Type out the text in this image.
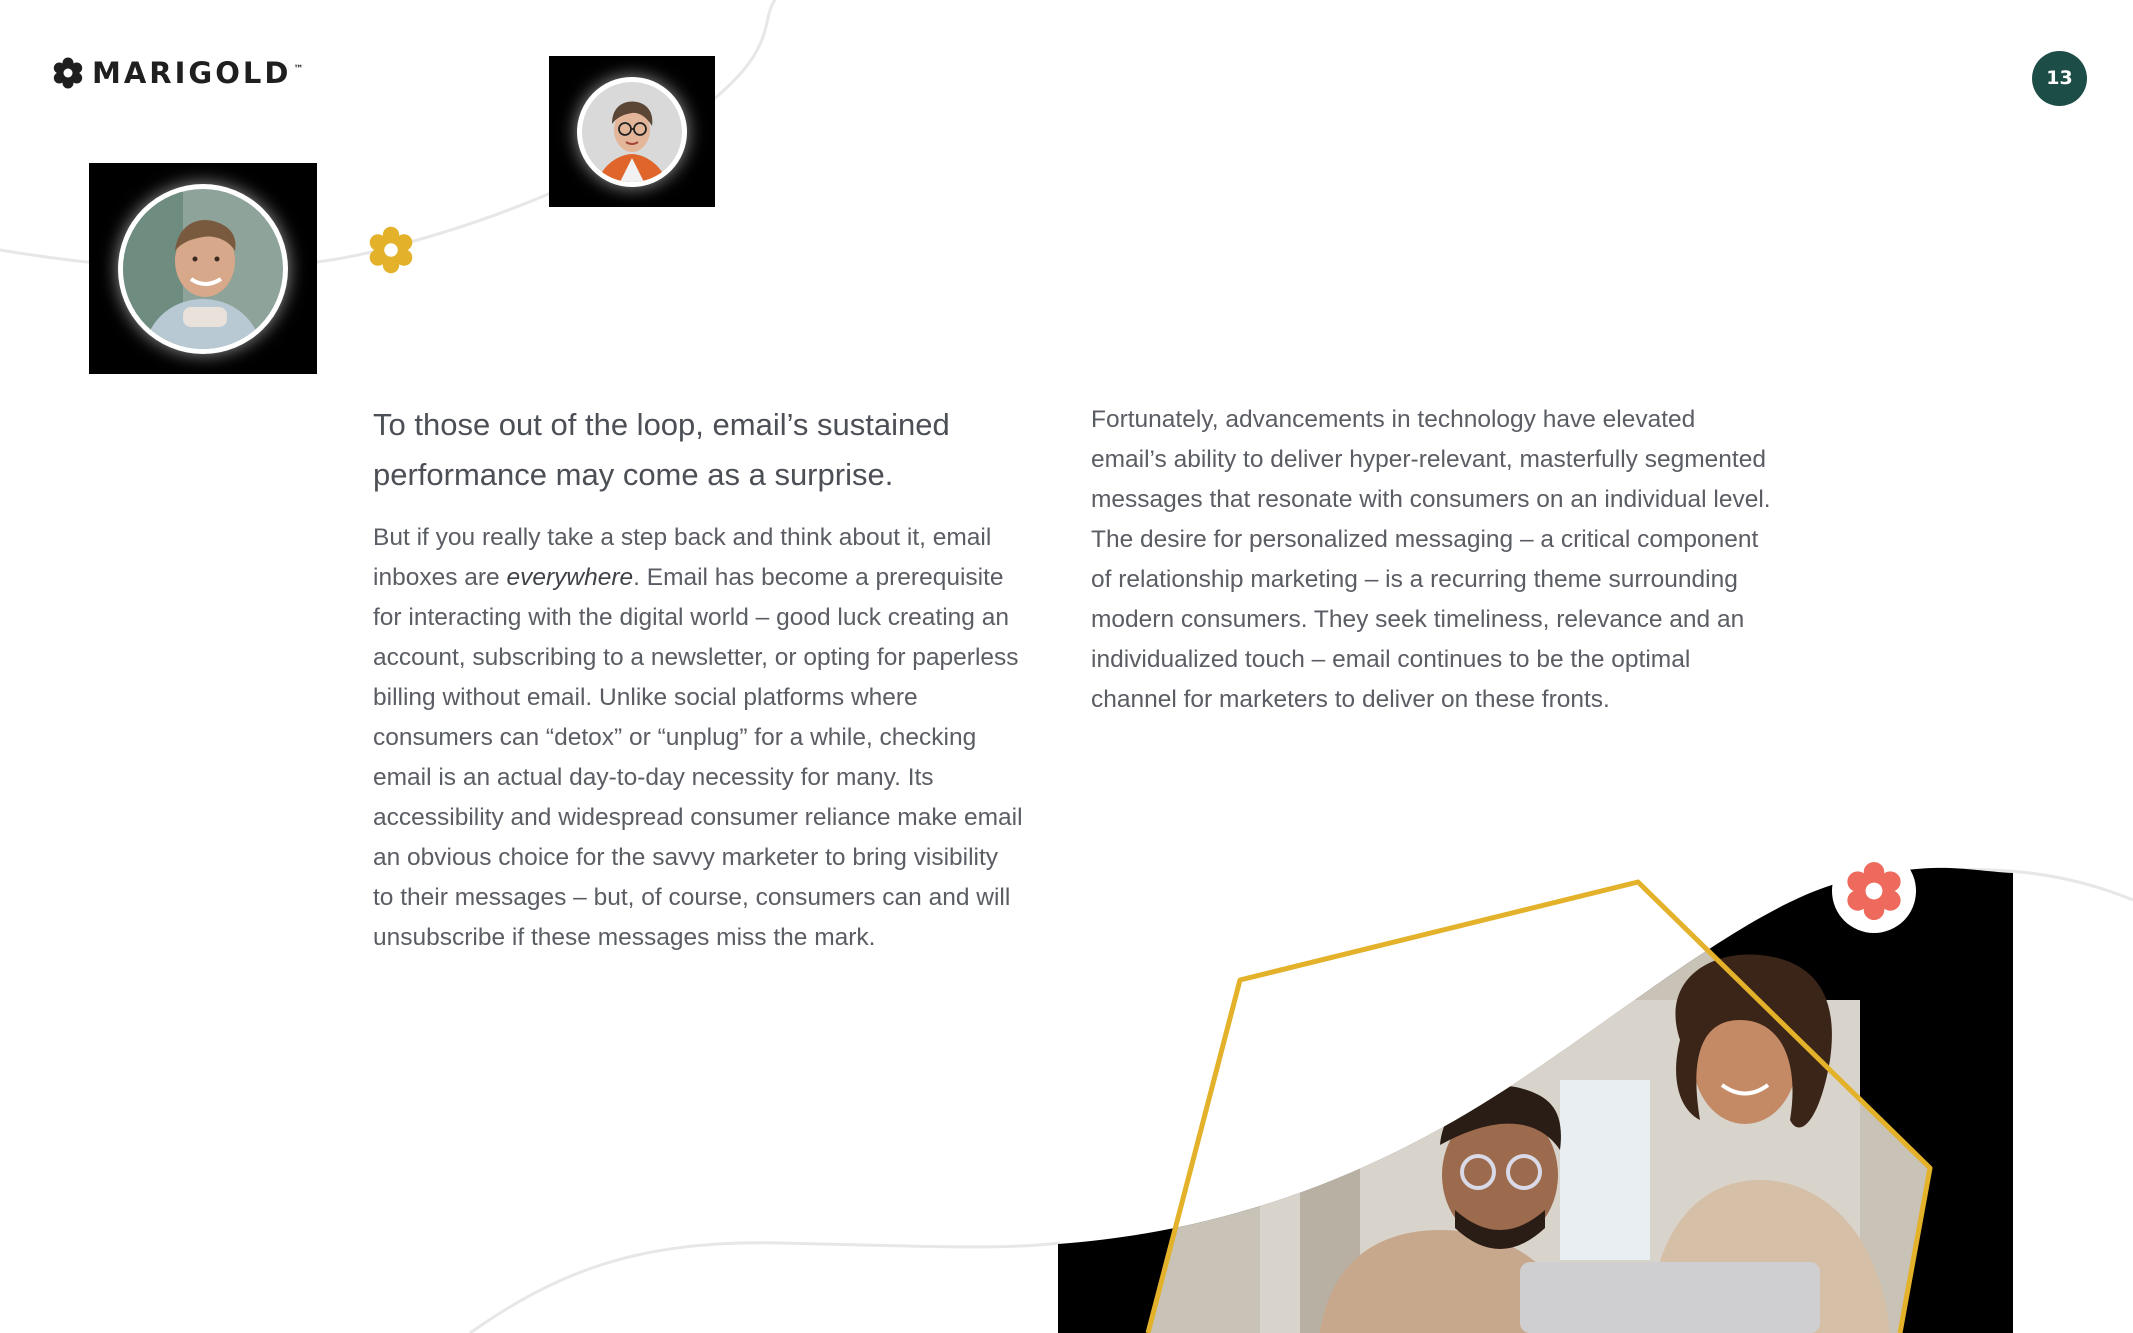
MARIGOLD ™	13

To those out of the loop, email’s sustained performance may come as a surprise.

But if you really take a step back and think about it, email inboxes are everywhere. Email has become a prerequisite for interacting with the digital world – good luck creating an account, subscribing to a newsletter, or opting for paperless billing without email. Unlike social platforms where consumers can “detox” or “unplug” for a while, checking email is an actual day-to-day necessity for many. Its accessibility and widespread consumer reliance make email an obvious choice for the savvy marketer to bring visibility to their messages – but, of course, consumers can and will unsubscribe if these messages miss the mark.

Fortunately, advancements in technology have elevated email’s ability to deliver hyper-relevant, masterfully segmented messages that resonate with consumers on an individual level. The desire for personalized messaging – a critical component of relationship marketing – is a recurring theme surrounding modern consumers. They seek timeliness, relevance and an individualized touch – email continues to be the optimal channel for marketers to deliver on these fronts.
